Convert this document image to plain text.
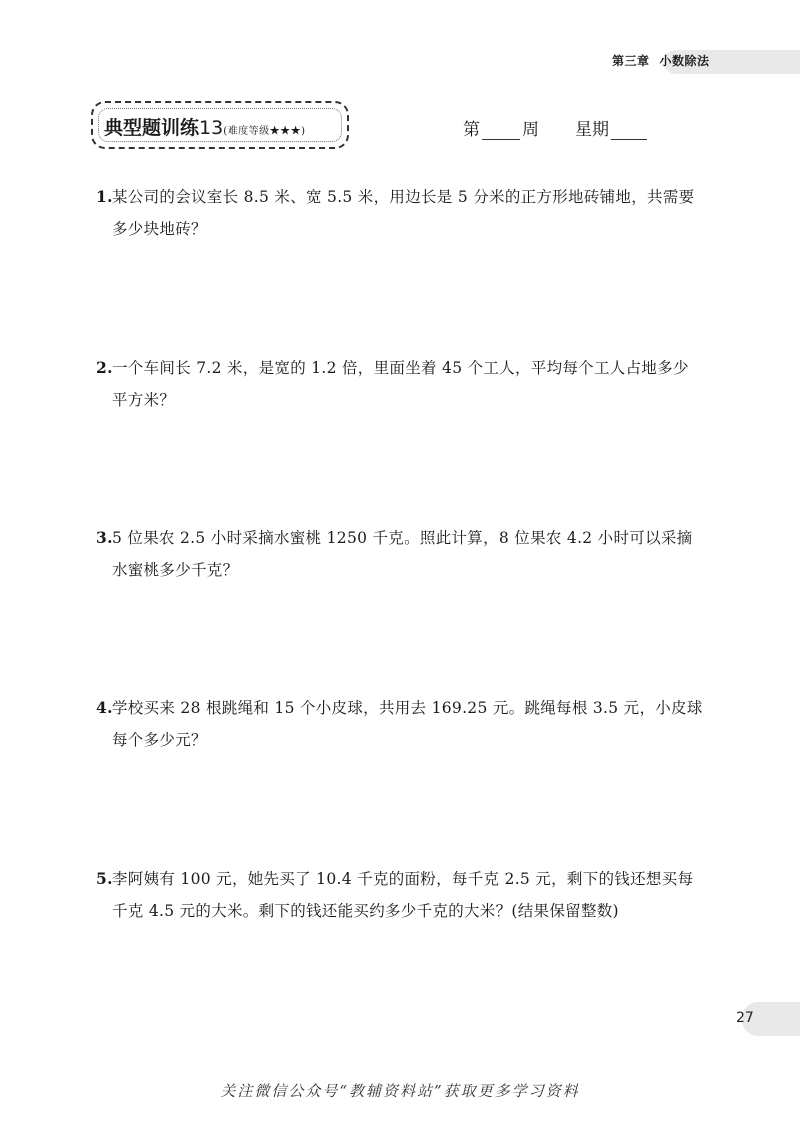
第三章 小数除法
典型题训练13(难度等级★★★)	第 周 星期
1.某公司的会议室长 8.5 米、宽 5.5 米，用边长是 5 分米的正方形地砖铺地，共需要
多少块地砖？
2.一个车间长 7.2 米，是宽的 1.2 倍，里面坐着 45 个工人，平均每个工人占地多少
平方米？
3.5 位果农 2.5 小时采摘水蜜桃 1250 千克。照此计算，8 位果农 4.2 小时可以采摘
水蜜桃多少千克？
4.学校买来 28 根跳绳和 15 个小皮球，共用去 169.25 元。跳绳每根 3.5 元，小皮球
每个多少元？
5.李阿姨有 100 元，她先买了 10.4 千克的面粉，每千克 2.5 元，剩下的钱还想买每
千克 4.5 元的大米。剩下的钱还能买约多少千克的大米？(结果保留整数)
27
关注微信公众号“教辅资料站”获取更多学习资料
